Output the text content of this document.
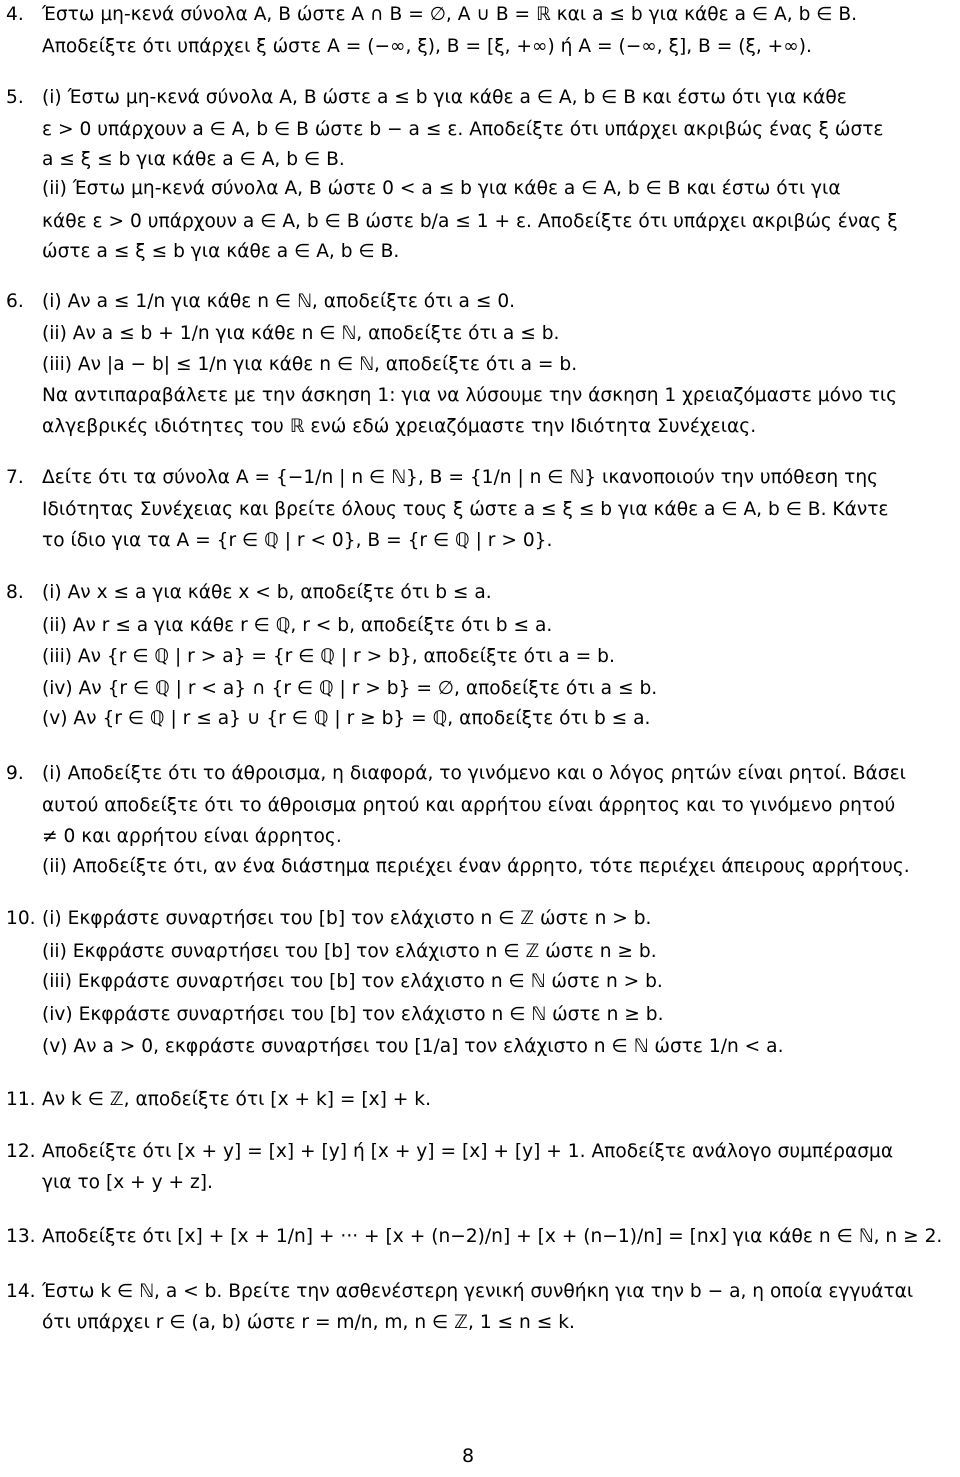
4. Έστω μη-κενά σύνολα A, B ώστε A ∩ B = ∅, A ∪ B = ℝ και a ≤ b για κάθε a ∈ A, b ∈ B.
Αποδείξτε ότι υπάρχει ξ ώστε A = (−∞, ξ), B = [ξ, +∞) ή A = (−∞, ξ], B = (ξ, +∞).
5. (i) Έστω μη-κενά σύνολα A, B ώστε a ≤ b για κάθε a ∈ A, b ∈ B και έστω ότι για κάθε
ε > 0 υπάρχουν a ∈ A, b ∈ B ώστε b − a ≤ ε. Αποδείξτε ότι υπάρχει ακριβώς ένας ξ ώστε
a ≤ ξ ≤ b για κάθε a ∈ A, b ∈ B.
(ii) Έστω μη-κενά σύνολα A, B ώστε 0 < a ≤ b για κάθε a ∈ A, b ∈ B και έστω ότι για
κάθε ε > 0 υπάρχουν a ∈ A, b ∈ B ώστε b/a ≤ 1 + ε. Αποδείξτε ότι υπάρχει ακριβώς ένας ξ
ώστε a ≤ ξ ≤ b για κάθε a ∈ A, b ∈ B.
6. (i) Αν a ≤ 1/n για κάθε n ∈ ℕ, αποδείξτε ότι a ≤ 0.
(ii) Αν a ≤ b + 1/n για κάθε n ∈ ℕ, αποδείξτε ότι a ≤ b.
(iii) Αν |a − b| ≤ 1/n για κάθε n ∈ ℕ, αποδείξτε ότι a = b.
Να αντιπαραβάλετε με την άσκηση 1: για να λύσουμε την άσκηση 1 χρειαζόμαστε μόνο τις
αλγεβρικές ιδιότητες του ℝ ενώ εδώ χρειαζόμαστε την Ιδιότητα Συνέχειας.
7. Δείτε ότι τα σύνολα A = {−1/n | n ∈ ℕ}, B = {1/n | n ∈ ℕ} ικανοποιούν την υπόθεση της
Ιδιότητας Συνέχειας και βρείτε όλους τους ξ ώστε a ≤ ξ ≤ b για κάθε a ∈ A, b ∈ B. Κάντε
το ίδιο για τα A = {r ∈ ℚ | r < 0}, B = {r ∈ ℚ | r > 0}.
8. (i) Αν x ≤ a για κάθε x < b, αποδείξτε ότι b ≤ a.
(ii) Αν r ≤ a για κάθε r ∈ ℚ, r < b, αποδείξτε ότι b ≤ a.
(iii) Αν {r ∈ ℚ | r > a} = {r ∈ ℚ | r > b}, αποδείξτε ότι a = b.
(iv) Αν {r ∈ ℚ | r < a} ∩ {r ∈ ℚ | r > b} = ∅, αποδείξτε ότι a ≤ b.
(v) Αν {r ∈ ℚ | r ≤ a} ∪ {r ∈ ℚ | r ≥ b} = ℚ, αποδείξτε ότι b ≤ a.
9. (i) Αποδείξτε ότι το άθροισμα, η διαφορά, το γινόμενο και ο λόγος ρητών είναι ρητοί. Βάσει
αυτού αποδείξτε ότι το άθροισμα ρητού και αρρήτου είναι άρρητος και το γινόμενο ρητού
≠ 0 και αρρήτου είναι άρρητος.
(ii) Αποδείξτε ότι, αν ένα διάστημα περιέχει έναν άρρητο, τότε περιέχει άπειρους αρρήτους.
10. (i) Εκφράστε συναρτήσει του [b] τον ελάχιστο n ∈ ℤ ώστε n > b.
(ii) Εκφράστε συναρτήσει του [b] τον ελάχιστο n ∈ ℤ ώστε n ≥ b.
(iii) Εκφράστε συναρτήσει του [b] τον ελάχιστο n ∈ ℕ ώστε n > b.
(iv) Εκφράστε συναρτήσει του [b] τον ελάχιστο n ∈ ℕ ώστε n ≥ b.
(v) Αν a > 0, εκφράστε συναρτήσει του [1/a] τον ελάχιστο n ∈ ℕ ώστε 1/n < a.
11. Αν k ∈ ℤ, αποδείξτε ότι [x + k] = [x] + k.
12. Αποδείξτε ότι [x + y] = [x] + [y] ή [x + y] = [x] + [y] + 1. Αποδείξτε ανάλογο συμπέρασμα
για το [x + y + z].
13. Αποδείξτε ότι [x] + [x + 1/n] + ··· + [x + (n−2)/n] + [x + (n−1)/n] = [nx] για κάθε n ∈ ℕ, n ≥ 2.
14. Έστω k ∈ ℕ, a < b. Βρείτε την ασθενέστερη γενική συνθήκη για την b − a, η οποία εγγυάται
ότι υπάρχει r ∈ (a, b) ώστε r = m/n, m, n ∈ ℤ, 1 ≤ n ≤ k.
8
